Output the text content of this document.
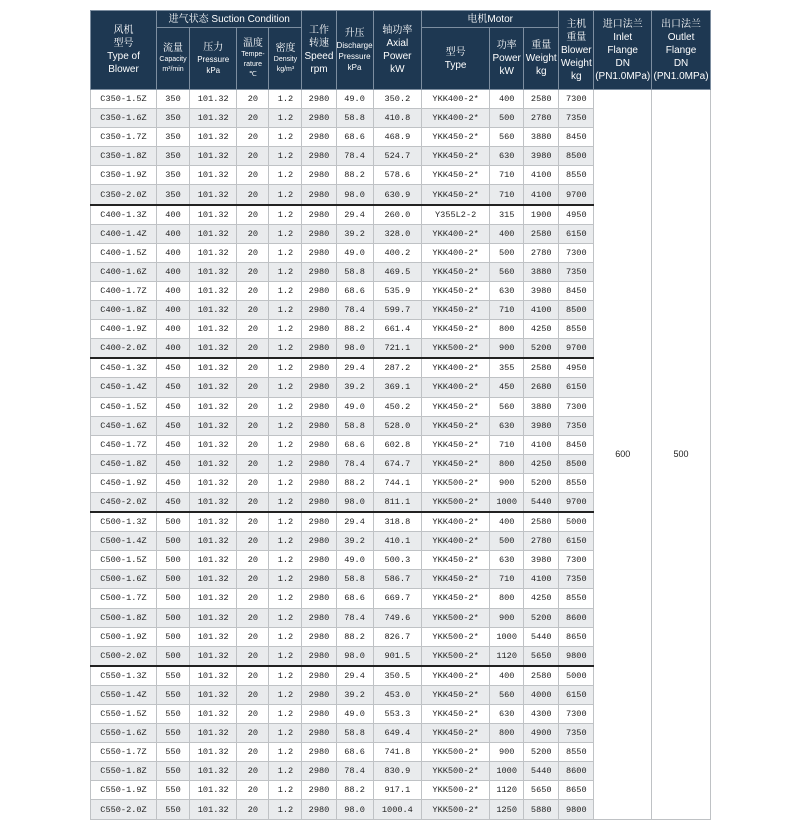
风机
型号
Type of
Blower	进气状态 Suction Condition				工作
转速
Speed
rpm	升压
Discharge
Pressure
kPa	轴功率
Axial
Power
kW	电机Motor			主机
重量
Blower
Weight
kg	进口法兰
Inlet
Flange
DN
(PN1.0MPa)	出口法兰
Outlet
Flange
DN
(PN1.0MPa)

	流量
Capacity
m³/min	压力
Pressure
kPa	温度
Tempe-
rature
℃	密度
Density
kg/m³				型号
Type	功率
Power
kW	重量
Weight
kg			

C350-1.5Z	350	101.32	20	1.2	2980	49.0	350.2	YKK400-2*	400	2580	7300	600	500
C350-1.6Z	350	101.32	20	1.2	2980	58.8	410.8	YKK400-2*	500	2780	7350		
C350-1.7Z	350	101.32	20	1.2	2980	68.6	468.9	YKK450-2*	560	3880	8450		
C350-1.8Z	350	101.32	20	1.2	2980	78.4	524.7	YKK450-2*	630	3980	8500		
C350-1.9Z	350	101.32	20	1.2	2980	88.2	578.6	YKK450-2*	710	4100	8550		
C350-2.0Z	350	101.32	20	1.2	2980	98.0	630.9	YKK450-2*	710	4100	9700		
C400-1.3Z	400	101.32	20	1.2	2980	29.4	260.0	Y355L2-2	315	1900	4950		
C400-1.4Z	400	101.32	20	1.2	2980	39.2	328.0	YKK400-2*	400	2580	6150		
C400-1.5Z	400	101.32	20	1.2	2980	49.0	400.2	YKK400-2*	500	2780	7300		
C400-1.6Z	400	101.32	20	1.2	2980	58.8	469.5	YKK450-2*	560	3880	7350		
C400-1.7Z	400	101.32	20	1.2	2980	68.6	535.9	YKK450-2*	630	3980	8450		
C400-1.8Z	400	101.32	20	1.2	2980	78.4	599.7	YKK450-2*	710	4100	8500		
C400-1.9Z	400	101.32	20	1.2	2980	88.2	661.4	YKK450-2*	800	4250	8550		
C400-2.0Z	400	101.32	20	1.2	2980	98.0	721.1	YKK500-2*	900	5200	9700		
C450-1.3Z	450	101.32	20	1.2	2980	29.4	287.2	YKK400-2*	355	2580	4950		
C450-1.4Z	450	101.32	20	1.2	2980	39.2	369.1	YKK400-2*	450	2680	6150		
C450-1.5Z	450	101.32	20	1.2	2980	49.0	450.2	YKK450-2*	560	3880	7300		
C450-1.6Z	450	101.32	20	1.2	2980	58.8	528.0	YKK450-2*	630	3980	7350		
C450-1.7Z	450	101.32	20	1.2	2980	68.6	602.8	YKK450-2*	710	4100	8450		
C450-1.8Z	450	101.32	20	1.2	2980	78.4	674.7	YKK450-2*	800	4250	8500		
C450-1.9Z	450	101.32	20	1.2	2980	88.2	744.1	YKK500-2*	900	5200	8550		
C450-2.0Z	450	101.32	20	1.2	2980	98.0	811.1	YKK500-2*	1000	5440	9700		
C500-1.3Z	500	101.32	20	1.2	2980	29.4	318.8	YKK400-2*	400	2580	5000		
C500-1.4Z	500	101.32	20	1.2	2980	39.2	410.1	YKK400-2*	500	2780	6150		
C500-1.5Z	500	101.32	20	1.2	2980	49.0	500.3	YKK450-2*	630	3980	7300		
C500-1.6Z	500	101.32	20	1.2	2980	58.8	586.7	YKK450-2*	710	4100	7350		
C500-1.7Z	500	101.32	20	1.2	2980	68.6	669.7	YKK450-2*	800	4250	8550		
C500-1.8Z	500	101.32	20	1.2	2980	78.4	749.6	YKK500-2*	900	5200	8600		
C500-1.9Z	500	101.32	20	1.2	2980	88.2	826.7	YKK500-2*	1000	5440	8650		
C500-2.0Z	500	101.32	20	1.2	2980	98.0	901.5	YKK500-2*	1120	5650	9800		
C550-1.3Z	550	101.32	20	1.2	2980	29.4	350.5	YKK400-2*	400	2580	5000		
C550-1.4Z	550	101.32	20	1.2	2980	39.2	453.0	YKK450-2*	560	4000	6150		
C550-1.5Z	550	101.32	20	1.2	2980	49.0	553.3	YKK450-2*	630	4300	7300		
C550-1.6Z	550	101.32	20	1.2	2980	58.8	649.4	YKK450-2*	800	4900	7350		
C550-1.7Z	550	101.32	20	1.2	2980	68.6	741.8	YKK500-2*	900	5200	8550		
C550-1.8Z	550	101.32	20	1.2	2980	78.4	830.9	YKK500-2*	1000	5440	8600		
C550-1.9Z	550	101.32	20	1.2	2980	88.2	917.1	YKK500-2*	1120	5650	8650		
C550-2.0Z	550	101.32	20	1.2	2980	98.0	1000.4	YKK500-2*	1250	5880	9800		
